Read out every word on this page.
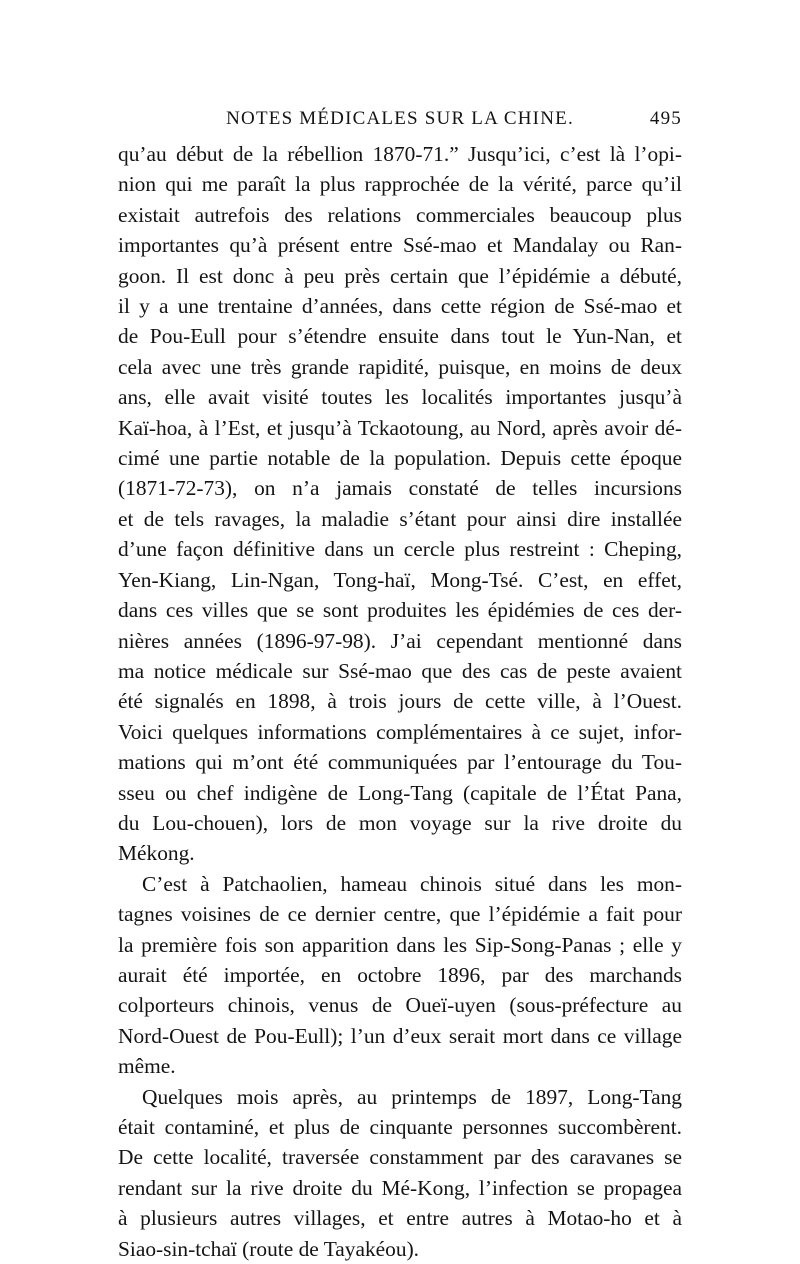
NOTES MÉDICALES SUR LA CHINE.	495

qu’au début de la rébellion 1870-71.” Jusqu’ici, c’est là l’opi-
nion qui me paraît la plus rapprochée de la vérité, parce qu’il
existait autrefois des relations commerciales beaucoup plus
importantes qu’à présent entre Ssé-mao et Mandalay ou Ran-
goon. Il est donc à peu près certain que l’épidémie a débuté,
il y a une trentaine d’années, dans cette région de Ssé-mao et
de Pou-Eull pour s’étendre ensuite dans tout le Yun-Nan, et
cela avec une très grande rapidité, puisque, en moins de deux
ans, elle avait visité toutes les localités importantes jusqu’à
Kaï-hoa, à l’Est, et jusqu’à Tckaotoung, au Nord, après avoir dé-
cimé une partie notable de la population. Depuis cette époque
(1871-72-73), on n’a jamais constaté de telles incursions
et de tels ravages, la maladie s’étant pour ainsi dire installée
d’une façon définitive dans un cercle plus restreint : Cheping,
Yen-Kiang, Lin-Ngan, Tong-haï, Mong-Tsé. C’est, en effet,
dans ces villes que se sont produites les épidémies de ces der-
nières années (1896-97-98). J’ai cependant mentionné dans
ma notice médicale sur Ssé-mao que des cas de peste avaient
été signalés en 1898, à trois jours de cette ville, à l’Ouest.
Voici quelques informations complémentaires à ce sujet, infor-
mations qui m’ont été communiquées par l’entourage du Tou-
sseu ou chef indigène de Long-Tang (capitale de l’État Pana,
du Lou-chouen), lors de mon voyage sur la rive droite du
Mékong.

C’est à Patchaolien, hameau chinois situé dans les mon-
tagnes voisines de ce dernier centre, que l’épidémie a fait pour
la première fois son apparition dans les Sip-Song-Panas ; elle y
aurait été importée, en octobre 1896, par des marchands
colporteurs chinois, venus de Oueï-uyen (sous-préfecture au
Nord-Ouest de Pou-Eull); l’un d’eux serait mort dans ce village
même.

Quelques mois après, au printemps de 1897, Long-Tang
était contaminé, et plus de cinquante personnes succombèrent.
De cette localité, traversée constamment par des caravanes se
rendant sur la rive droite du Mé-Kong, l’infection se propagea
à plusieurs autres villages, et entre autres à Motao-ho et à
Siao-sin-tchaï (route de Tayakéou).
